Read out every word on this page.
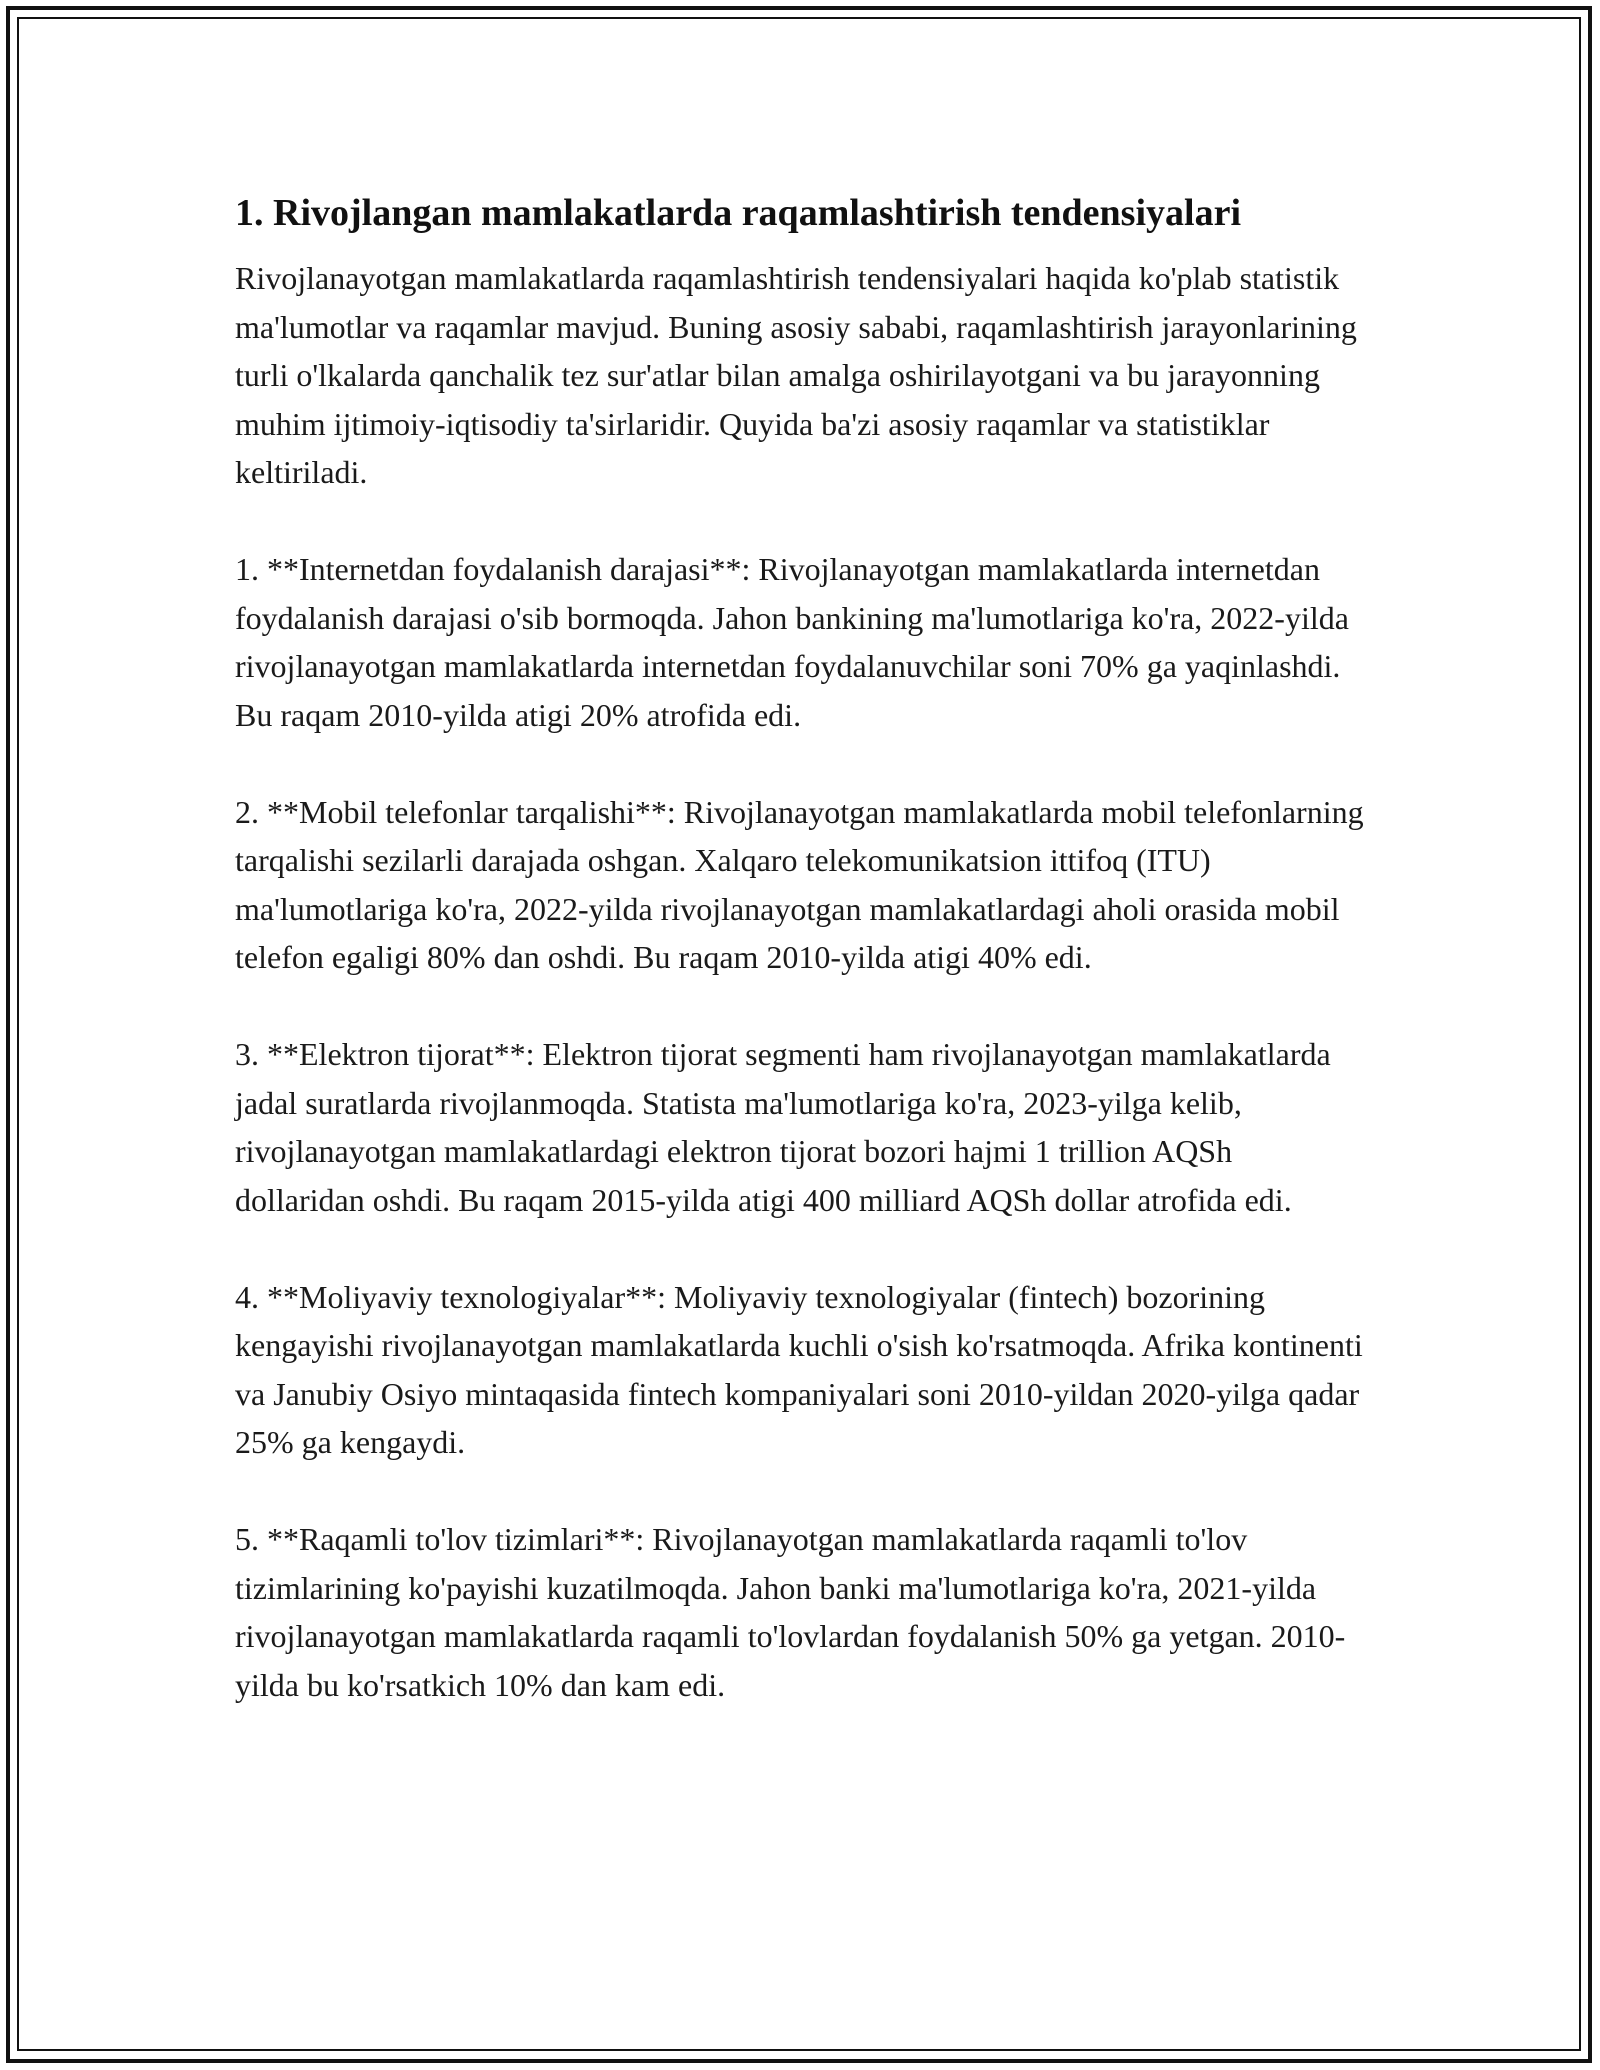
1. Rivojlangan mamlakatlarda raqamlashtirish tendensiyalari

Rivojlanayotgan mamlakatlarda raqamlashtirish tendensiyalari haqida ko'plab statistik ma'lumotlar va raqamlar mavjud. Buning asosiy sababi, raqamlashtirish jarayonlarining turli o'lkalarda qanchalik tez sur'atlar bilan amalga oshirilayotgani va bu jarayonning muhim ijtimoiy-iqtisodiy ta'sirlaridir. Quyida ba'zi asosiy raqamlar va statistiklar keltiriladi.

1. **Internetdan foydalanish darajasi**: Rivojlanayotgan mamlakatlarda internetdan foydalanish darajasi o'sib bormoqda. Jahon bankining ma'lumotlariga ko'ra, 2022-yilda rivojlanayotgan mamlakatlarda internetdan foydalanuvchilar soni 70% ga yaqinlashdi. Bu raqam 2010-yilda atigi 20% atrofida edi.

2. **Mobil telefonlar tarqalishi**: Rivojlanayotgan mamlakatlarda mobil telefonlarning tarqalishi sezilarli darajada oshgan. Xalqaro telekomunikatsion ittifoq (ITU) ma'lumotlariga ko'ra, 2022-yilda rivojlanayotgan mamlakatlardagi aholi orasida mobil telefon egaligi 80% dan oshdi. Bu raqam 2010-yilda atigi 40% edi.

3. **Elektron tijorat**: Elektron tijorat segmenti ham rivojlanayotgan mamlakatlarda jadal suratlarda rivojlanmoqda. Statista ma'lumotlariga ko'ra, 2023-yilga kelib, rivojlanayotgan mamlakatlardagi elektron tijorat bozori hajmi 1 trillion AQSh dollaridan oshdi. Bu raqam 2015-yilda atigi 400 milliard AQSh dollar atrofida edi.

4. **Moliyaviy texnologiyalar**: Moliyaviy texnologiyalar (fintech) bozorining kengayishi rivojlanayotgan mamlakatlarda kuchli o'sish ko'rsatmoqda. Afrika kontinenti va Janubiy Osiyo mintaqasida fintech kompaniyalari soni 2010-yildan 2020-yilga qadar 25% ga kengaydi.

5. **Raqamli to'lov tizimlari**: Rivojlanayotgan mamlakatlarda raqamli to'lov tizimlarining ko'payishi kuzatilmoqda. Jahon banki ma'lumotlariga ko'ra, 2021-yilda rivojlanayotgan mamlakatlarda raqamli to'lovlardan foydalanish 50% ga yetgan. 2010-yilda bu ko'rsatkich 10% dan kam edi.
